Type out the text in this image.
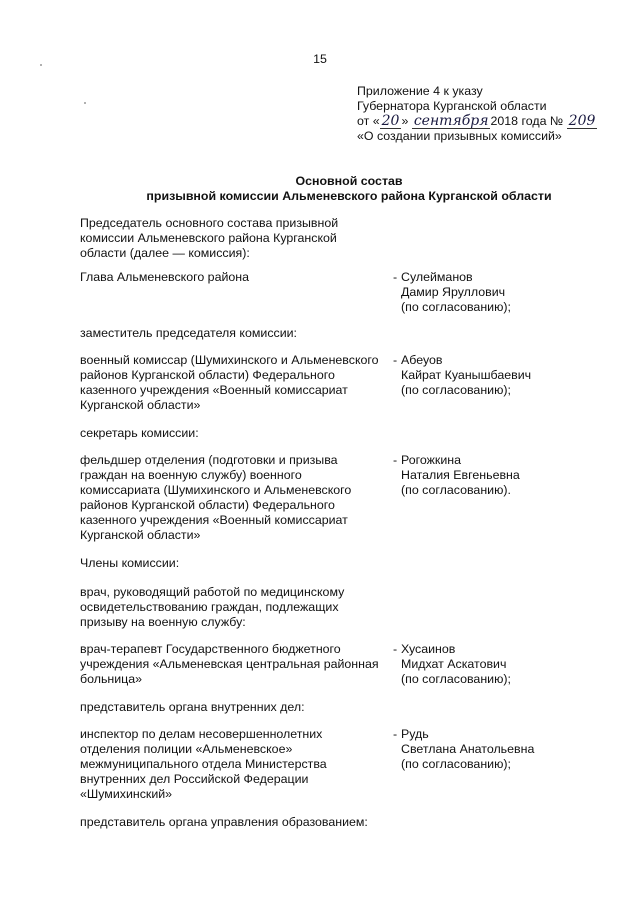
15
Приложение 4 к указу
Губернатора Курганской области
от « 20 » сентября 2018 года № 209
«О создании призывных комиссий»
Основной состав
призывной комиссии Альменевского района Курганской области
Председатель основного состава призывной
комиссии Альменевского района Курганской
области (далее — комиссия):
Глава Альменевского района	- Сулейманов
Дамир Яруллович
(по согласованию);
заместитель председателя комиссии:
военный комиссар (Шумихинского и Альменевского
районов Курганской области) Федерального
казенного учреждения «Военный комиссариат
Курганской области»
- Абеуов
Кайрат Куанышбаевич
(по согласованию);
секретарь комиссии:
фельдшер отделения (подготовки и призыва
граждан на военную службу) военного
комиссариата (Шумихинского и Альменевского
районов Курганской области) Федерального
казенного учреждения «Военный комиссариат
Курганской области»
- Рогожкина
Наталия Евгеньевна
(по согласованию).
Члены комиссии:
врач, руководящий работой по медицинскому
освидетельствованию граждан, подлежащих
призыву на военную службу:
врач-терапевт Государственного бюджетного
учреждения «Альменевская центральная районная
больница»
- Хусаинов
Мидхат Аскатович
(по согласованию);
представитель органа внутренних дел:
инспектор по делам несовершеннолетних
отделения полиции «Альменевское»
межмуниципального отдела Министерства
внутренних дел Российской Федерации
«Шумихинский»
- Рудь
Светлана Анатольевна
(по согласованию);
представитель органа управления образованием:
